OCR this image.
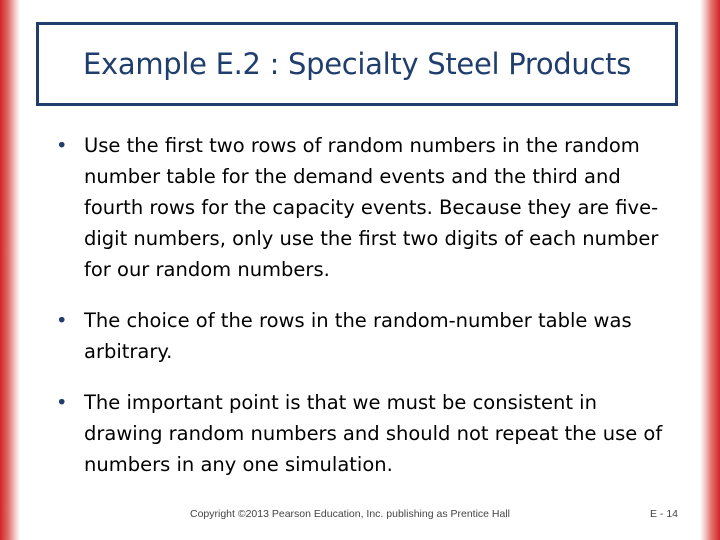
Example E.2 : Specialty Steel Products
• Use the first two rows of random numbers in the random number table for the demand events and the third and fourth rows for the capacity events. Because they are five-digit numbers, only use the first two digits of each number for our random numbers.
• The choice of the rows in the random-number table was arbitrary.
• The important point is that we must be consistent in drawing random numbers and should not repeat the use of numbers in any one simulation.
Copyright ©2013 Pearson Education, Inc. publishing as Prentice Hall	E - 14
